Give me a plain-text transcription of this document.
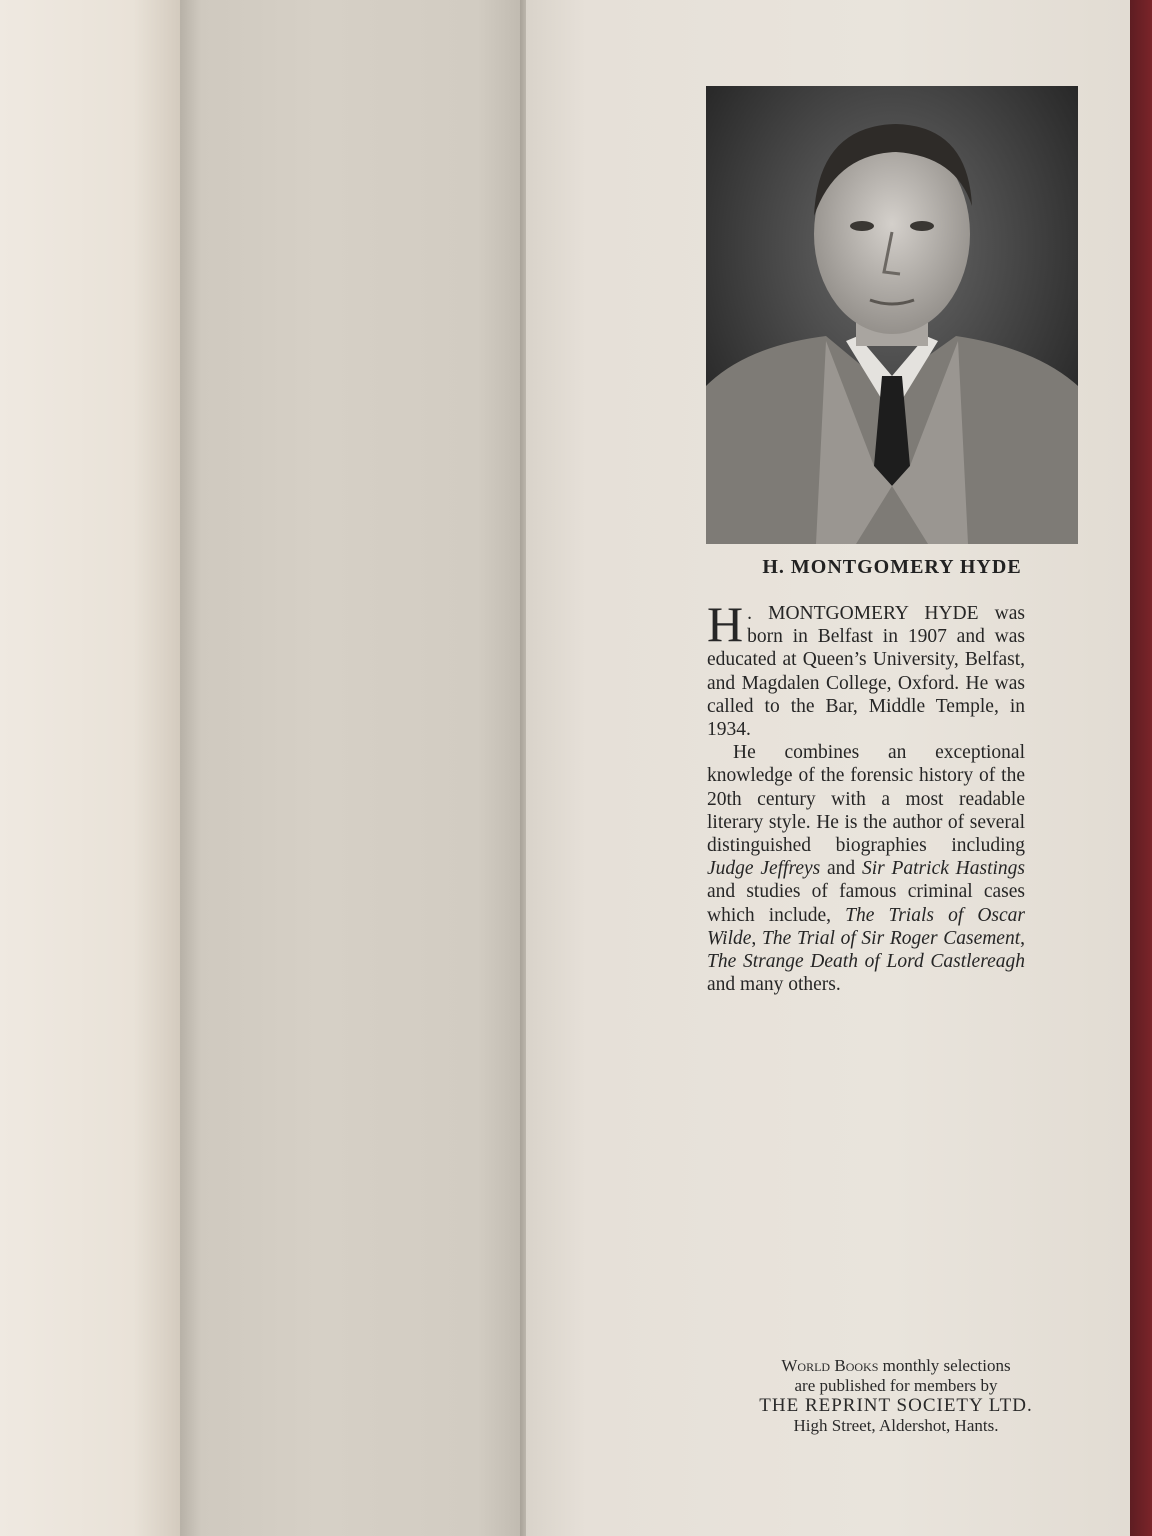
H. MONTGOMERY HYDE

H . MONTGOMERY HYDE was born in Belfast in 1907 and was educated at Queen’s University, Belfast, and Magdalen College, Oxford. He was called to the Bar, Middle Temple, in 1934.

He combines an exceptional knowledge of the forensic history of the 20th century with a most readable literary style. He is the author of several distinguished biographies including Judge Jeffreys and Sir Patrick Hastings and studies of famous criminal cases which include, The Trials of Oscar Wilde, The Trial of Sir Roger Casement, The Strange Death of Lord Castlereagh and many others.

World Books monthly selections
are published for members by
THE REPRINT SOCIETY LTD.
High Street, Aldershot, Hants.
